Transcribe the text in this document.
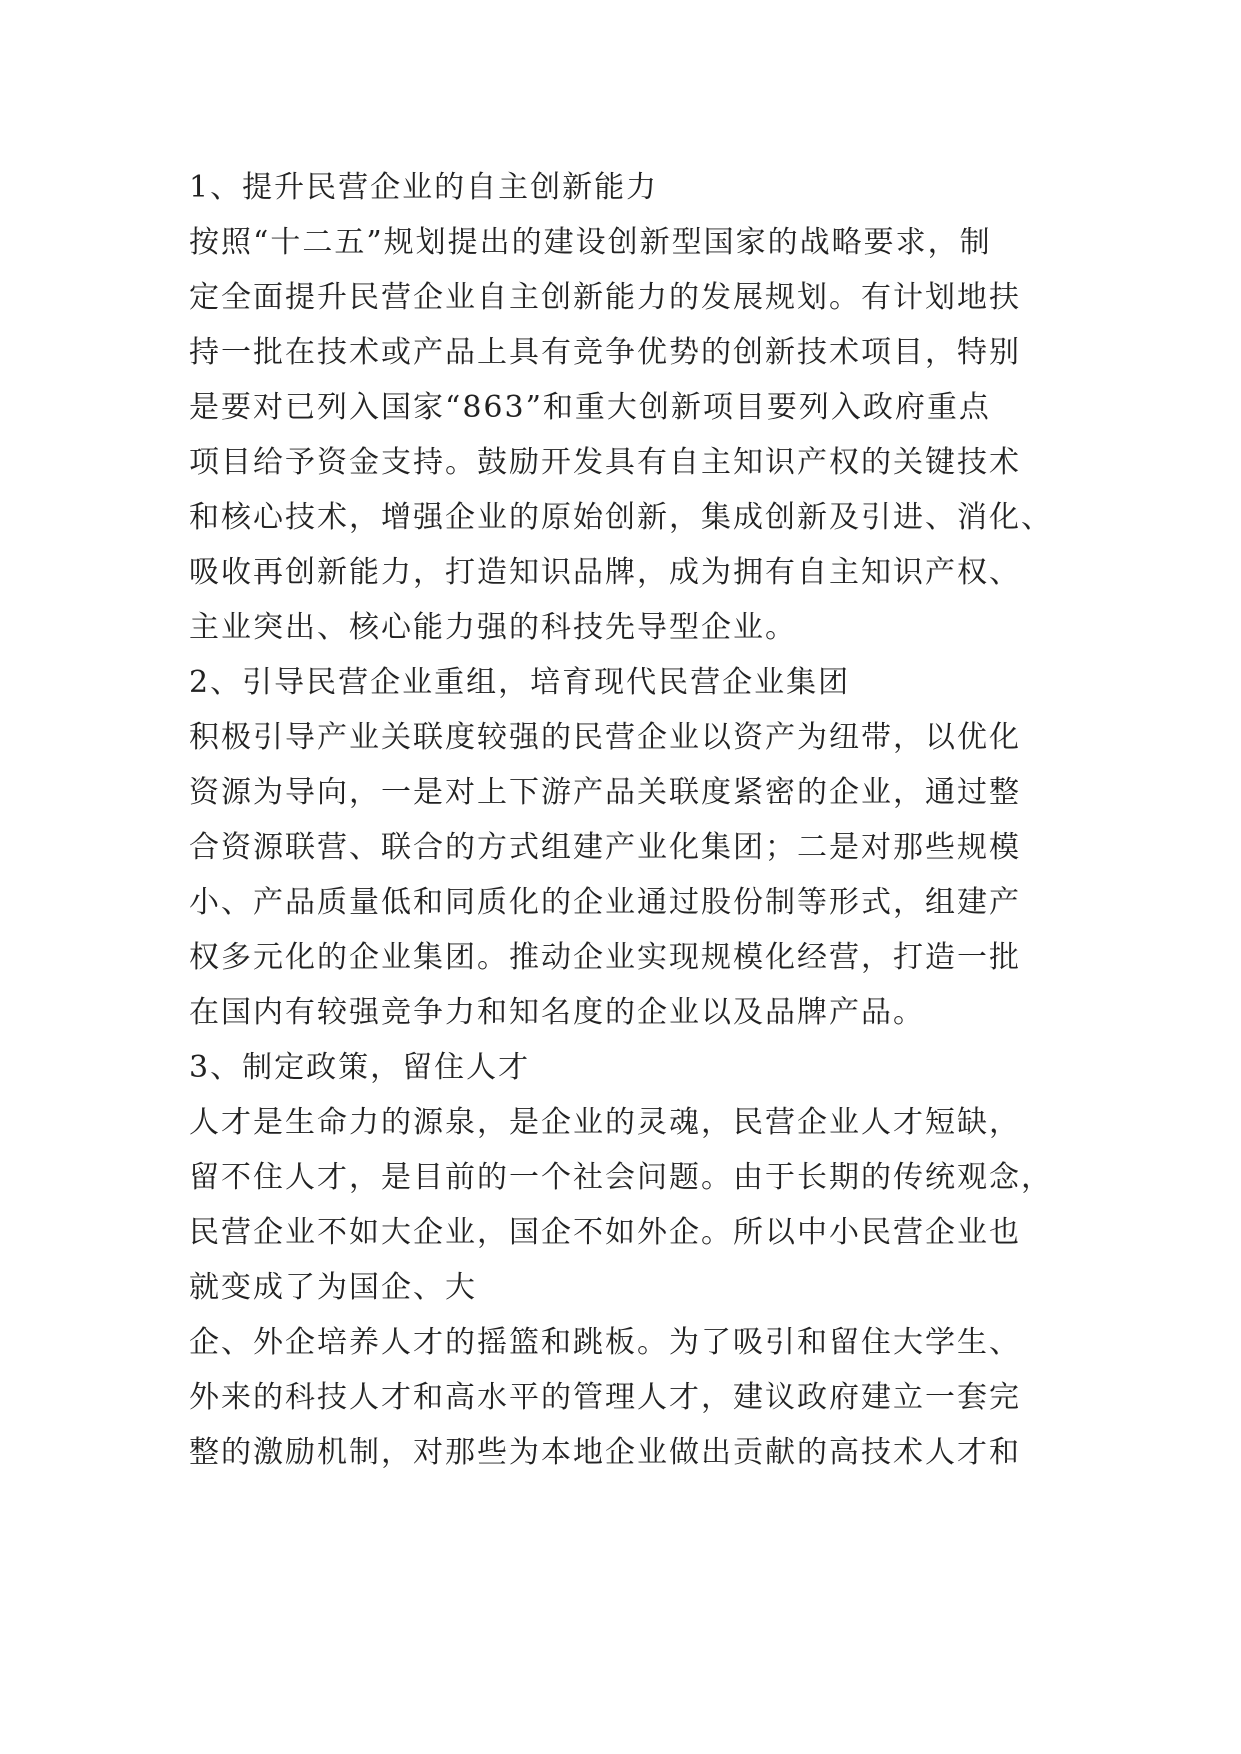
1、提升民营企业的自主创新能力
按照“十二五”规划提出的建设创新型国家的战略要求，制
定全面提升民营企业自主创新能力的发展规划。有计划地扶
持一批在技术或产品上具有竞争优势的创新技术项目，特别
是要对已列入国家“863”和重大创新项目要列入政府重点
项目给予资金支持。鼓励开发具有自主知识产权的关键技术
和核心技术，增强企业的原始创新，集成创新及引进、消化、
吸收再创新能力，打造知识品牌，成为拥有自主知识产权、
主业突出、核心能力强的科技先导型企业。
2、引导民营企业重组，培育现代民营企业集团
积极引导产业关联度较强的民营企业以资产为纽带，以优化
资源为导向，一是对上下游产品关联度紧密的企业，通过整
合资源联营、联合的方式组建产业化集团；二是对那些规模
小、产品质量低和同质化的企业通过股份制等形式，组建产
权多元化的企业集团。推动企业实现规模化经营，打造一批
在国内有较强竞争力和知名度的企业以及品牌产品。
3、制定政策，留住人才
人才是生命力的源泉，是企业的灵魂，民营企业人才短缺，
留不住人才，是目前的一个社会问题。由于长期的传统观念，
民营企业不如大企业，国企不如外企。所以中小民营企业也
就变成了为国企、大
企、外企培养人才的摇篮和跳板。为了吸引和留住大学生、
外来的科技人才和高水平的管理人才，建议政府建立一套完
整的激励机制，对那些为本地企业做出贡献的高技术人才和
